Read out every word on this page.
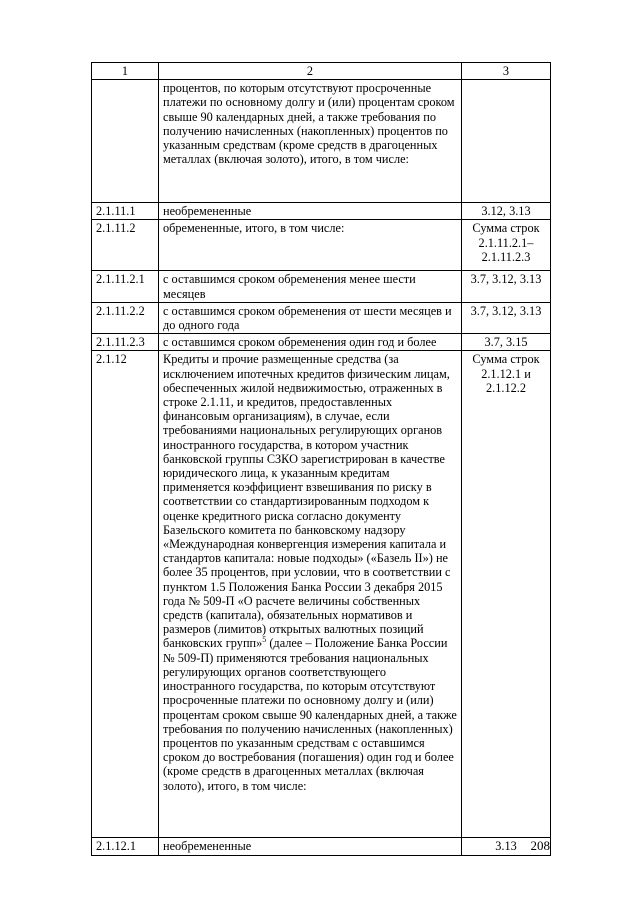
1	2	3
	процентов, по которым отсутствуют просроченные платежи по основному долгу и (или) процентам сроком свыше 90 календарных дней, а также требования по получению начисленных (накопленных) процентов по указанным средствам (кроме средств в драгоценных металлах (включая золото), итого, в том числе:	
2.1.11.1	необремененные	3.12, 3.13
2.1.11.2	обремененные, итого, в том числе:	Сумма строк 2.1.11.2.1–2.1.11.2.3
2.1.11.2.1	с оставшимся сроком обременения менее шести месяцев	3.7, 3.12, 3.13
2.1.11.2.2	с оставшимся сроком обременения от шести месяцев и до одного года	3.7, 3.12, 3.13
2.1.11.2.3	с оставшимся сроком обременения один год и более	3.7, 3.15
2.1.12	Кредиты и прочие размещенные средства (за исключением ипотечных кредитов физическим лицам, обеспеченных жилой недвижимостью, отраженных в строке 2.1.11, и кредитов, предоставленных финансовым организациям), в случае, если требованиями национальных регулирующих органов иностранного государства, в котором участник банковской группы СЗКО зарегистрирован в качестве юридического лица, к указанным кредитам применяется коэффициент взвешивания по риску в соответствии со стандартизированным подходом к оценке кредитного риска согласно документу Базельского комитета по банковскому надзору «Международная конвергенция измерения капитала и стандартов капитала: новые подходы» («Базель II») не более 35 процентов, при условии, что в соответствии с пунктом 1.5 Положения Банка России 3 декабря 2015 года № 509-П «О расчете величины собственных средств (капитала), обязательных нормативов и размеров (лимитов) открытых валютных позиций банковских групп»$^5$ (далее – Положение Банка России № 509-П) применяются требования национальных регулирующих органов соответствующего иностранного государства, по которым отсутствуют просроченные платежи по основному долгу и (или) процентам сроком свыше 90 календарных дней, а также требования по получению начисленных (накопленных) процентов по указанным средствам с оставшимся сроком до востребования (погашения) один год и более (кроме средств в драгоценных металлах (включая золото), итого, в том числе:	Сумма строк 2.1.12.1 и 2.1.12.2
2.1.12.1	необремененные	3.13 208
